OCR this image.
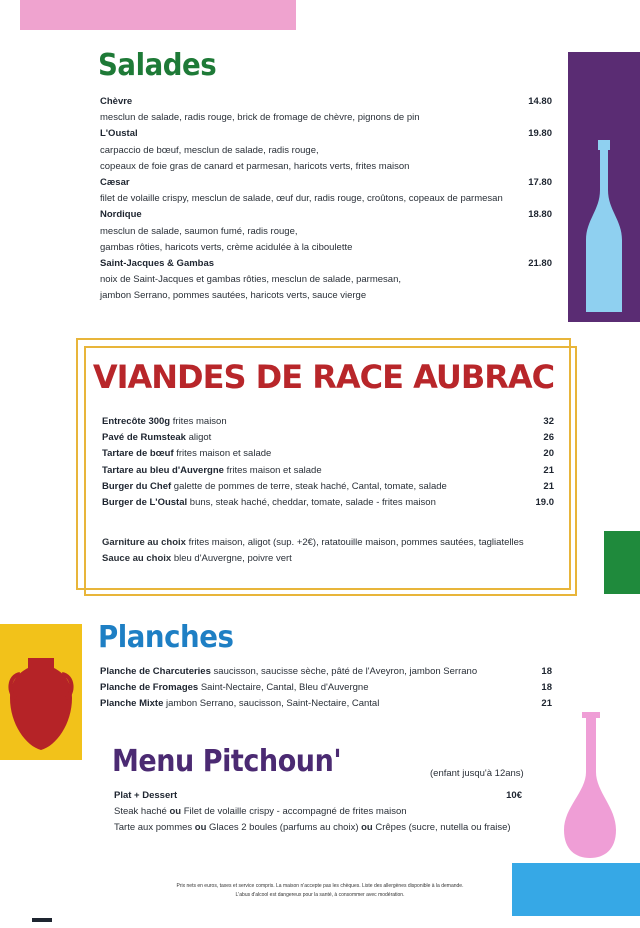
Salades
Chèvre	14.80
mesclun de salade, radis rouge, brick de fromage de chèvre, pignons de pin
L'Oustal	19.80
carpaccio de bœuf, mesclun de salade, radis rouge,
copeaux de foie gras de canard et parmesan, haricots verts, frites maison
Cæsar	17.80
filet de volaille crispy, mesclun de salade, œuf dur, radis rouge, croûtons, copeaux de parmesan
Nordique	18.80
mesclun de salade, saumon fumé, radis rouge,
gambas rôties, haricots verts, crème acidulée à la ciboulette
Saint-Jacques & Gambas	21.80
noix de Saint-Jacques et gambas rôties, mesclun de salade, parmesan,
jambon Serrano, pommes sautées, haricots verts, sauce vierge
VIANDES DE RACE AUBRAC
Entrecôte 300g frites maison	32
Pavé de Rumsteak aligot	26
Tartare de bœuf frites maison et salade	20
Tartare au bleu d'Auvergne frites maison et salade	21
Burger du Chef galette de pommes de terre, steak haché, Cantal, tomate, salade	21
Burger de L'Oustal buns, steak haché, cheddar, tomate, salade - frites maison	19.0
Garniture au choix frites maison, aligot (sup. +2€), ratatouille maison, pommes sautées, tagliatelles
Sauce au choix bleu d'Auvergne, poivre vert
Planches
Planche de Charcuteries saucisson, saucisse sèche, pâté de l'Aveyron, jambon Serrano	18
Planche de Fromages Saint-Nectaire, Cantal, Bleu d'Auvergne	18
Planche Mixte jambon Serrano, saucisson, Saint-Nectaire, Cantal	21
Menu Pitchoun'	(enfant jusqu'à 12ans)
Plat + Dessert	10€
Steak haché ou Filet de volaille crispy - accompagné de frites maison
Tarte aux pommes ou Glaces 2 boules (parfums au choix) ou Crêpes (sucre, nutella ou fraise)
Prix nets en euros, taxes et service compris. La maison n'accepte pas les chèques. Liste des allergènes disponible à la demande.
L'abus d'alcool est dangereux pour la santé, à consommer avec modération.
